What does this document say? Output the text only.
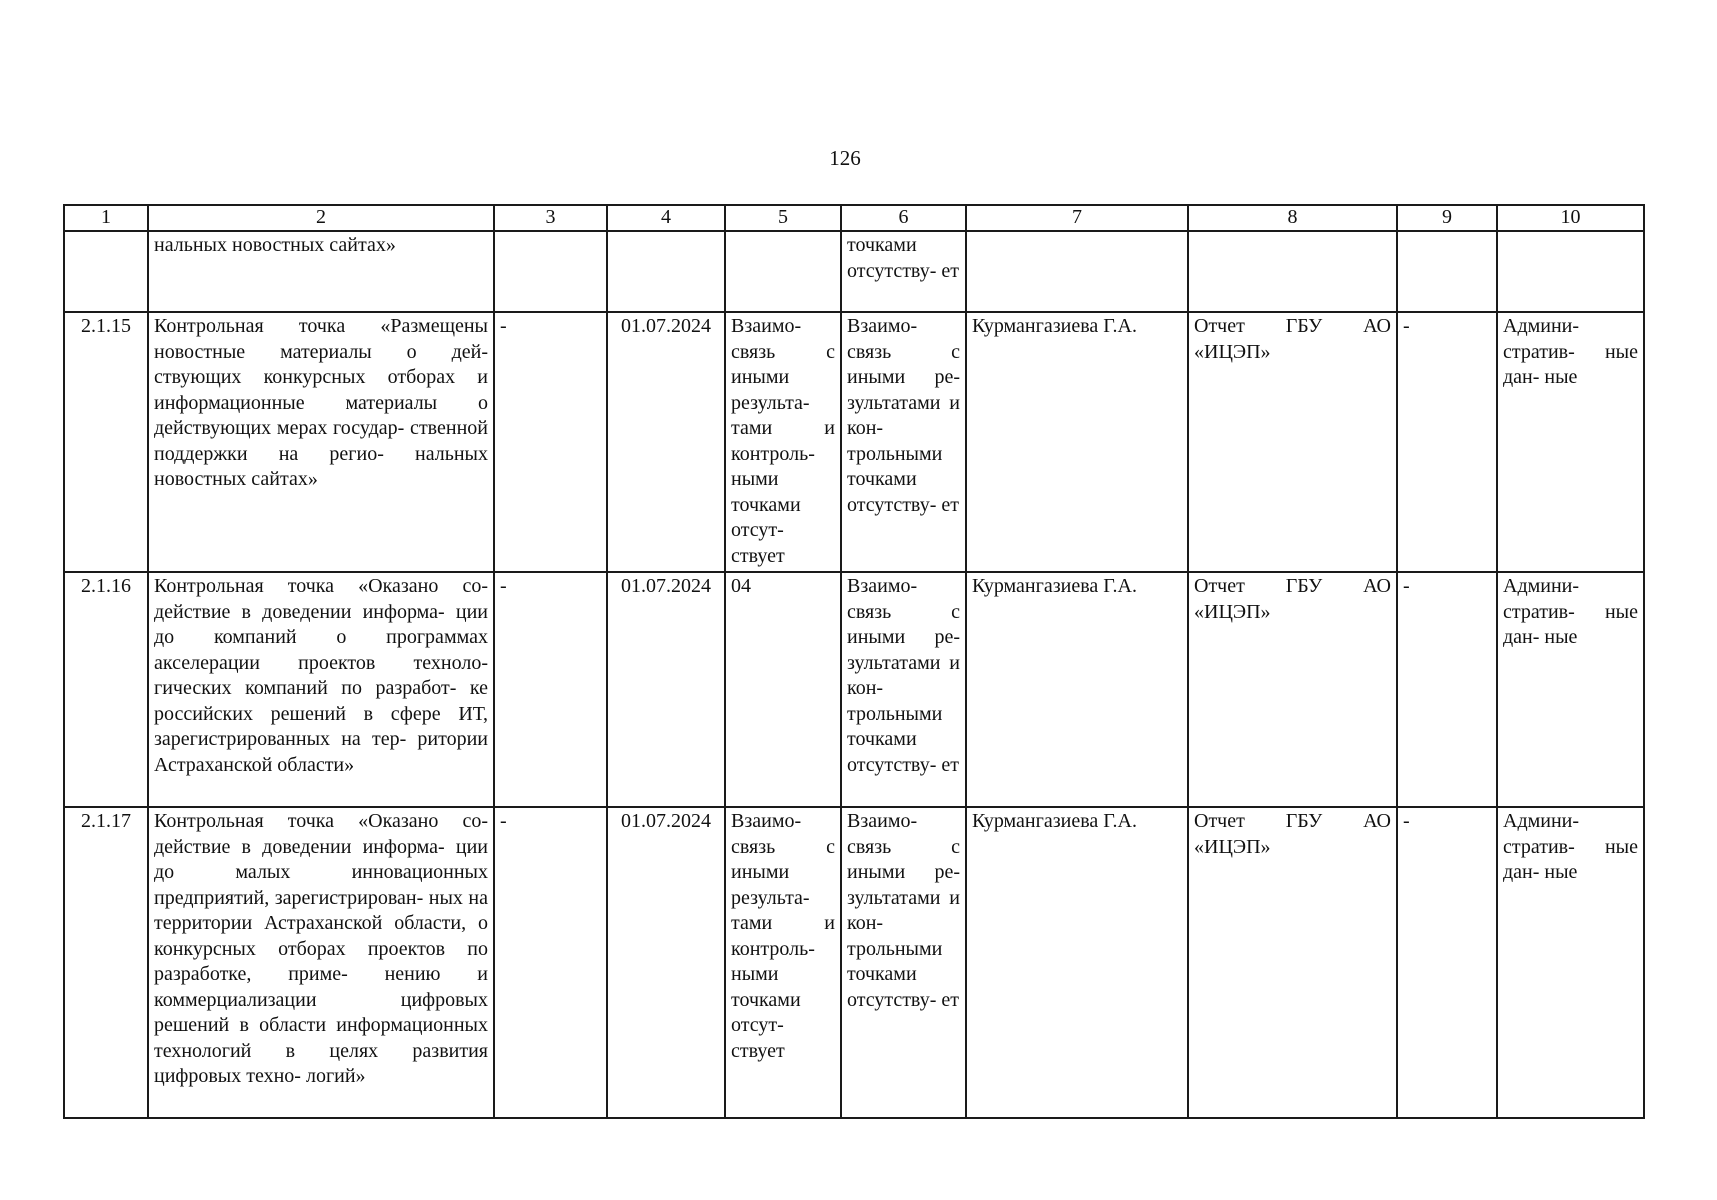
126
1	2	3	4	5	6	7	8	9	10
	нальных новостных сайтах»				точками отсутству- ет				
2.1.15	Контрольная точка «Размещены новостные материалы о дей- ствующих конкурсных отборах и информационные материалы о действующих мерах государ- ственной поддержки на регио- нальных новостных сайтах»	-	01.07.2024	Взаимо- связь с иными результа- тами и контроль- ными точками отсут- ствует	Взаимо- связь с иными ре- зультатами и кон- трольными точками отсутству- ет	Курмангазиева Г.А.	Отчет ГБУ АО «ИЦЭП»	-	Админи- стратив- ные дан- ные
2.1.16	Контрольная точка «Оказано со- действие в доведении информа- ции до компаний о программах акселерации проектов техноло- гических компаний по разработ- ке российских решений в сфере ИТ, зарегистрированных на тер- ритории Астраханской области»	-	01.07.2024	04	Взаимо- связь с иными ре- зультатами и кон- трольными точками отсутству- ет	Курмангазиева Г.А.	Отчет ГБУ АО «ИЦЭП»	-	Админи- стратив- ные дан- ные
2.1.17	Контрольная точка «Оказано со- действие в доведении информа- ции до малых инновационных предприятий, зарегистрирован- ных на территории Астраханской области, о конкурсных отборах проектов по разработке, приме- нению и коммерциализации цифровых решений в области информационных технологий в целях развития цифровых техно- логий»	-	01.07.2024	Взаимо- связь с иными результа- тами и контроль- ными точками отсут- ствует	Взаимо- связь с иными ре- зультатами и кон- трольными точками отсутству- ет	Курмангазиева Г.А.	Отчет ГБУ АО «ИЦЭП»	-	Админи- стратив- ные дан- ные
